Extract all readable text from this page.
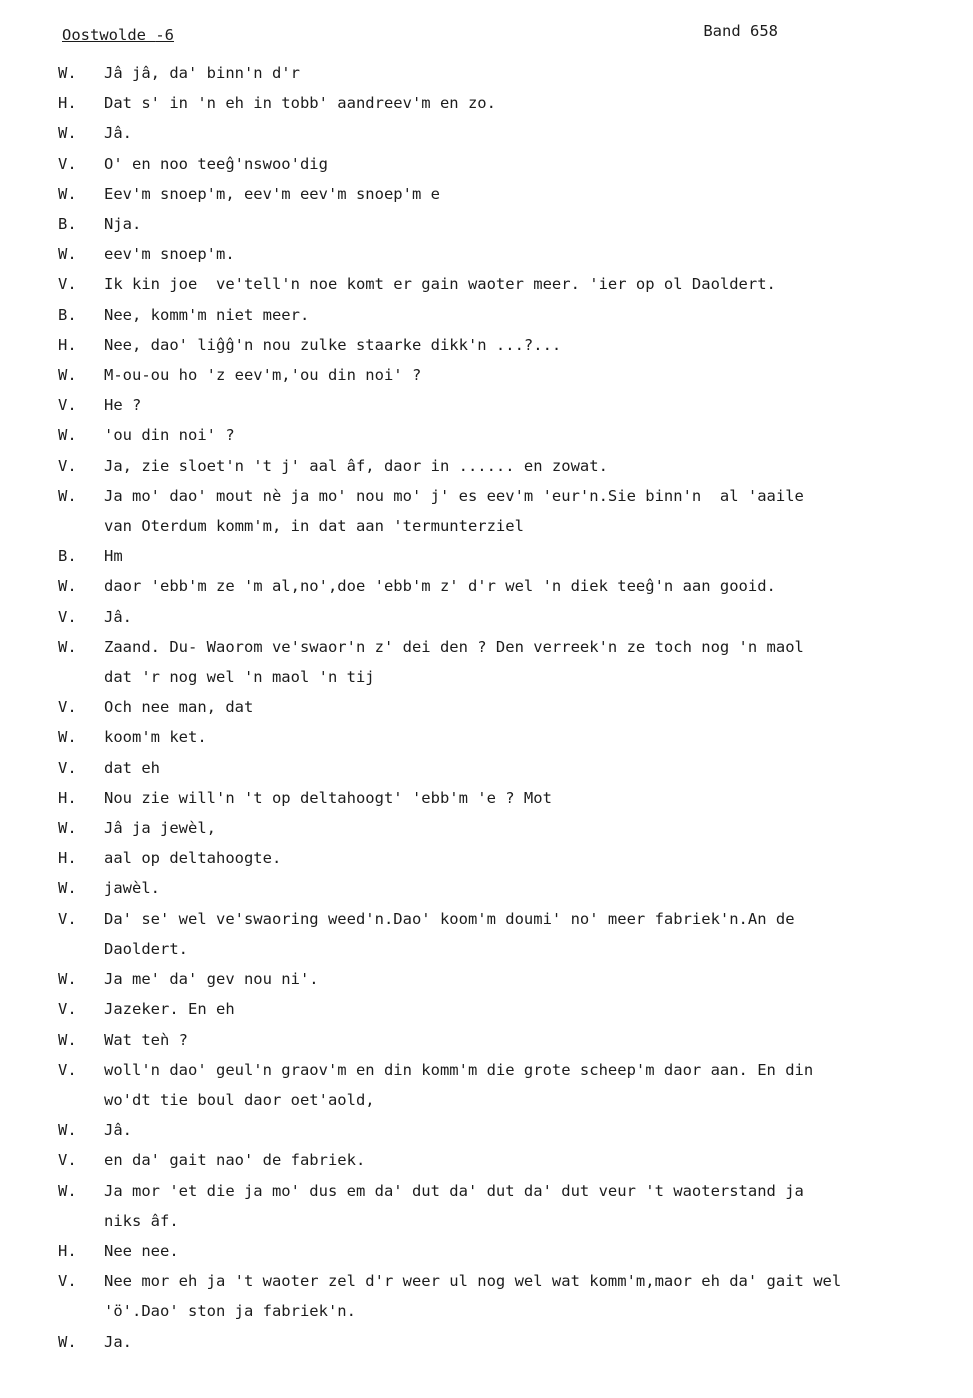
Oostwolde -6	Band 658
W. Jâ jâ, da' binn'n d'r
H. Dat s' in 'n eh in tobb' aandreev'm en zo.
W. Jâ.
V. O' en noo teeĝ'nswoo'dig
W. Eev'm snoep'm, eev'm eev'm snoep'm e
B. Nja.
W. eev'm snoep'm.
V. Ik kin joe  ve'tell'n noe komt er gain waoter meer. 'ier op ol Daoldert.
B. Nee, komm'm niet meer.
H. Nee, dao' liĝĝ'n nou zulke staarke dikk'n ...?...
W. M-ou-ou ho 'z eev'm,'ou din noi' ?
V. He ?
W. 'ou din noi' ?
V. Ja, zie sloet'n 't j' aal âf, daor in ...... en zowat.
W. Ja mo' dao' mout nè ja mo' nou mo' j' es eev'm 'eur'n.Sie binn'n  al 'aaile
van Oterdum komm'm, in dat aan 'termunterziel
B. Hm
W. daor 'ebb'm ze 'm al,no',doe 'ebb'm z' d'r wel 'n diek teeĝ'n aan gooid.
V. Jâ.
W. Zaand. Du- Waorom ve'swaor'n z' dei den ? Den verreek'n ze toch nog 'n maol
dat 'r nog wel 'n maol 'n tij
V. Och nee man, dat
W. koom'm ket.
V. dat eh
H. Nou zie will'n 't op deltahoogt' 'ebb'm 'e ? Mot
W. Jâ ja jewèl,
H. aal op deltahoogte.
W. jawèl.
V. Da' se' wel ve'swaoring weed'n.Dao' koom'm doumi' no' meer fabriek'n.An de
Daoldert.
W. Ja me' da' gev nou ni'.
V. Jazeker. En eh
W. Wat teǹ ?
V. woll'n dao' geul'n graov'm en din komm'm die grote scheep'm daor aan. En din
wo'dt tie boul daor oet'aold,
W. Jâ.
V. en da' gait nao' de fabriek.
W. Ja mor 'et die ja mo' dus em da' dut da' dut da' dut veur 't waoterstand ja
niks âf.
H. Nee nee.
V. Nee mor eh ja 't waoter zel d'r weer ul nog wel wat komm'm,maor eh da' gait wel
'ö'.Dao' ston ja fabriek'n.
W. Ja.
